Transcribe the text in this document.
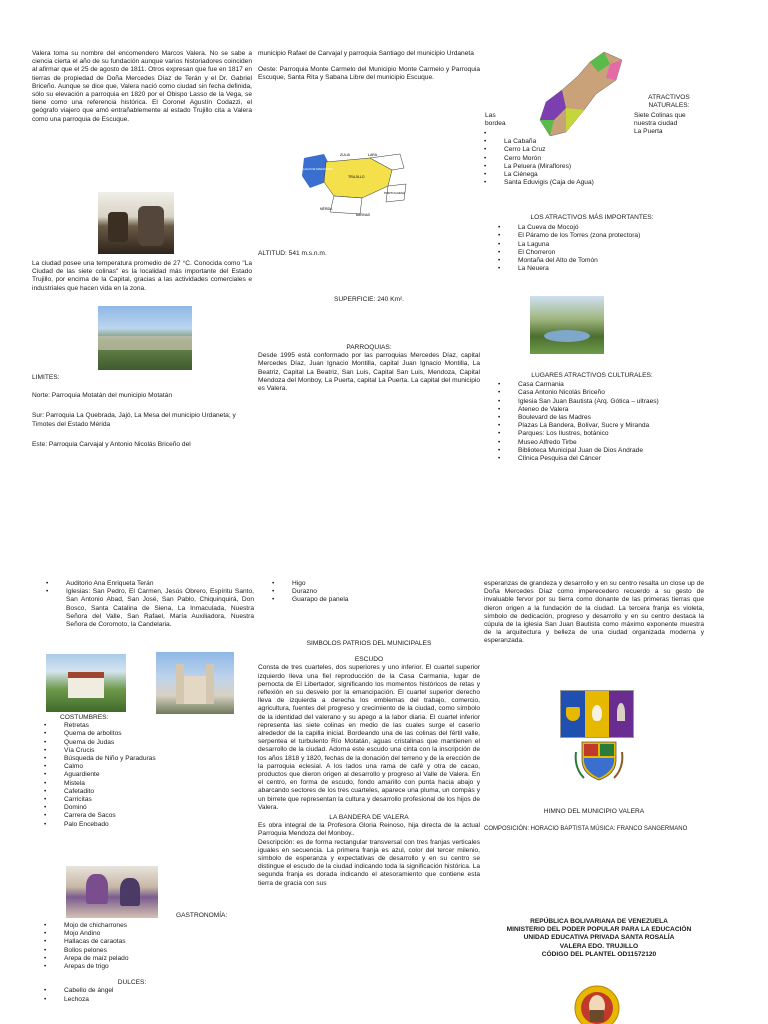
Valera toma su nombre del encomendero Marcos Valera. No se sabe a ciencia cierta el año de su fundación aunque varios historiadores coinciden al afirmar que el 25 de agosto de 1811. Otros expresan que fue en 1817 en tierras de propiedad de Doña Mercedes Díaz de Terán y el Dr. Gabriel Briceño. Aunque se dice que, Valera nació como ciudad sin fecha definida, sólo su elevación a parroquia en 1820 por el Obispo Lasso de la Vega, se tiene como una referencia histórica. El Coronel Agustín Codazzi, el geógrafo viajero que amó entrañablemente al estado Trujillo cita a Valera como una parroquia de Escuque.

La ciudad posee una temperatura promedio de 27 °C. Conocida como "La Ciudad de las siete colinas" es la localidad más importante del Estado Trujillo, por encima de la Capital, gracias a las actividades comerciales e industriales que hacen vida en la zona.

LIMITES:

Norte: Parroquia Motatán del municipio Motatán

Sur: Parroquia La Quebrada, Jajó, La Mesa del municipio Urdaneta; y Timotes del Estado Mérida

Este: Parroquia Carvajal y Antonio Nicolás Briceño del

municipio Rafael de Carvajal y parroquia Santiago del municipio Urdaneta

Oeste: Parroquia Monte Carmelo del Municipio Monte Carmelo y Parroquia Escuque, Santa Rita y Sabana Libre del municipio Escuque.

ZULIA	LARA
TRUJILLO
PORTUGUESA
MÉRIDA
BARINAS
LAGO DE MARACAIBO

ALTITUD: 541 m.s.n.m.

SUPERFICIE: 240 Km².

PARROQUIAS:

Desde 1995 está conformado por las parroquias Mercedes Díaz, capital Mercedes Díaz, Juan Ignacio Montilla, capital Juan Ignacio Montilla, La Beatriz, Capital La Beatriz, San Luis, Capital San Luis, Mendoza, Capital Mendoza del Monboy, La Puerta, capital La Puerta. La capital del municipio es Valera.

Las

bordea

ATRACTIVOS NATURALES:

Siete Colinas que nuestra ciudad

La Puerta

•
• La Cabaña
• Cerro La Cruz
• Cerro Morón
• La Peluera (Miraflores)
• La Ciénega
• Santa Eduvigis (Caja de Agua)

LOS ATRACTIVOS MÁS IMPORTANTES:

• La Cueva de Mocojó
• El Páramo de los Torres (zona protectora)
• La Laguna
• El Chorreron
• Montaña del Alto de Tomón
• La Neuera

LUGARES ATRACTIVOS CULTURALES:

• Casa Carmania
• Casa Antonio Nicolás Briceño
• Iglesia San Juan Bautista (Arq. Gótica – ultraes)
• Ateneo de Valera
• Boulevard de las Madres
• Plazas La Bandera, Bolívar, Sucre y Miranda
• Parques: Los Ilustres, botánico
• Museo Alfredo Tirbe
• Biblioteca Municipal Juan de Dios Andrade
• Clínica Pesquisa del Cáncer
• Auditorio Ana Enriqueta Terán
• Iglesias: San Pedro, El Carmen, Jesús Obrero, Espíritu Santo, San Antonio Abad, San José, San Pablo, Chiquinquirá, Don Bosco, Santa Catalina de Siena, La Inmaculada, Nuestra Señora del Valle, San Rafael, María Auxiliadora, Nuestra Señora de Coromoto, la Candelaria.

COSTUMBRES:

• Retretas
• Quema de arbolitos
• Quema de Judas
• Vía Crucis
• Búsqueda de Niño y Paraduras
• Calmo
• Aguardiente
• Mistela
• Cafetadito
• Carricitas
• Dominó
• Carrera de Sacos
• Palo Encebado

GASTRONOMÍA:

• Mojo de chicharrones
• Mojo Andino
• Hallacas de caraotas
• Bollos pelones
• Arepa de maíz pelado
• Arepas de trigo

DULCES:

• Cabello de ángel
• Lechoza
• Higo
• Durazno
• Guarapo de panela

SIMBOLOS PATRIOS DEL MUNICIPALES

ESCUDO

Consta de tres cuarteles, dos superiores y uno inferior. El cuartel superior izquierdo lleva una fiel reproducción de la Casa Carmania, lugar de pernocta de El Libertador, significando los momentos históricos de retas y reflexión en su desvelo por la emancipación. El cuartel superior derecho lleva de izquierda a derecha los emblemas del trabajo, comercio, agricultura, fuentes del progreso y crecimiento de la ciudad, como símbolo de la identidad del valerano y su apego a la labor diaria. El cuartel inferior representa las siete colinas en medio de las cuales surge el caserío alrededor de la capilla inicial. Bordeando una de las colinas del fértil valle, serpentea el turbulento Río Motatán, aguas cristalinas que mantienen el desarrollo de la ciudad. Adorna este escudo una cinta con la inscripción de los años 1818 y 1820, fechas de la donación del terreno y de la erección de la parroquia eclesial. A los lados una rama de café y otra de cacao, productos que dieron origen al desarrollo y progreso al Valle de Valera. En el centro, en forma de escudo, fondo amarillo con punta hacia abajo y abarcando sectores de los tres cuarteles, aparece una pluma, un compás y un birrete que representan la cultura y desarrollo profesional de los hijos de Valera.

LA BANDERA DE VALERA

Es obra integral de la Profesora Gloria Reinoso, hija directa de la actual Parroquia Mendoza del Monboy..

Descripción: es de forma rectangular transversal con tres franjas verticales iguales en secuencia. La primera franja es azul, color del tercer milenio, símbolo de esperanza y expectativas de desarrollo y en su centro se distingue el escudo de la ciudad indicando toda la significación histórica. La segunda franja es dorada indicando el atesoramiento que contiene esta tierra de gracia con sus

esperanzas de grandeza y desarrollo y en su centro resalta un close up de Doña Mercedes Díaz como imperecedero recuerdo a su gesto de invaluable fervor por su tierra como donante de las primeras tierras que dieron origen a la fundación de la ciudad. La tercera franja es violeta, símbolo de dedicación, progreso y desarrollo y en su centro destaca la cúpula de la iglesia San Juan Bautista como máximo exponente muestra de la arquitectura y belleza de una ciudad organizada moderna y esperanzada.

HIMNO DEL MUNICIPIO VALERA

COMPOSICIÓN: HORACIO BAPTISTA MÚSICA: FRANCO SANGERMANO

REPÚBLICA BOLIVARIANA DE VENEZUELA

MINISTERIO DEL PODER POPULAR PARA LA EDUCACIÓN

UNIDAD EDUCATIVA PRIVADA SANTA ROSALÍA

VALERA EDO. TRUJILLO

CÓDIGO DEL PLANTEL OD11572120
